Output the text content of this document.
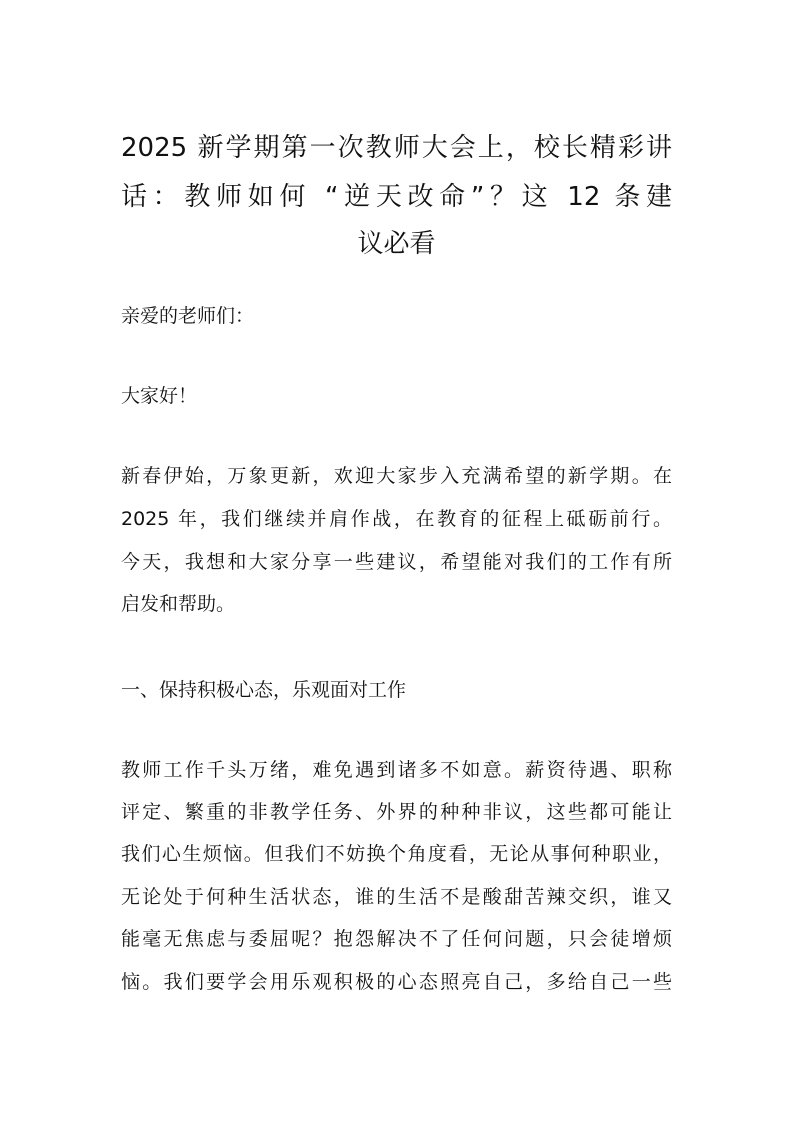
2025 新学期第一次教师大会上，校长精彩讲
话：教师如何 “逆天改命”？这 12 条建
议必看
亲爱的老师们：
大家好！
新春伊始，万象更新，欢迎大家步入充满希望的新学期。在
2025 年，我们继续并肩作战，在教育的征程上砥砺前行。
今天，我想和大家分享一些建议，希望能对我们的工作有所
启发和帮助。
一、保持积极心态，乐观面对工作
教师工作千头万绪，难免遇到诸多不如意。薪资待遇、职称
评定、繁重的非教学任务、外界的种种非议，这些都可能让
我们心生烦恼。但我们不妨换个角度看，无论从事何种职业，
无论处于何种生活状态，谁的生活不是酸甜苦辣交织，谁又
能毫无焦虑与委屈呢？抱怨解决不了任何问题，只会徒增烦
恼。我们要学会用乐观积极的心态照亮自己，多给自己一些
